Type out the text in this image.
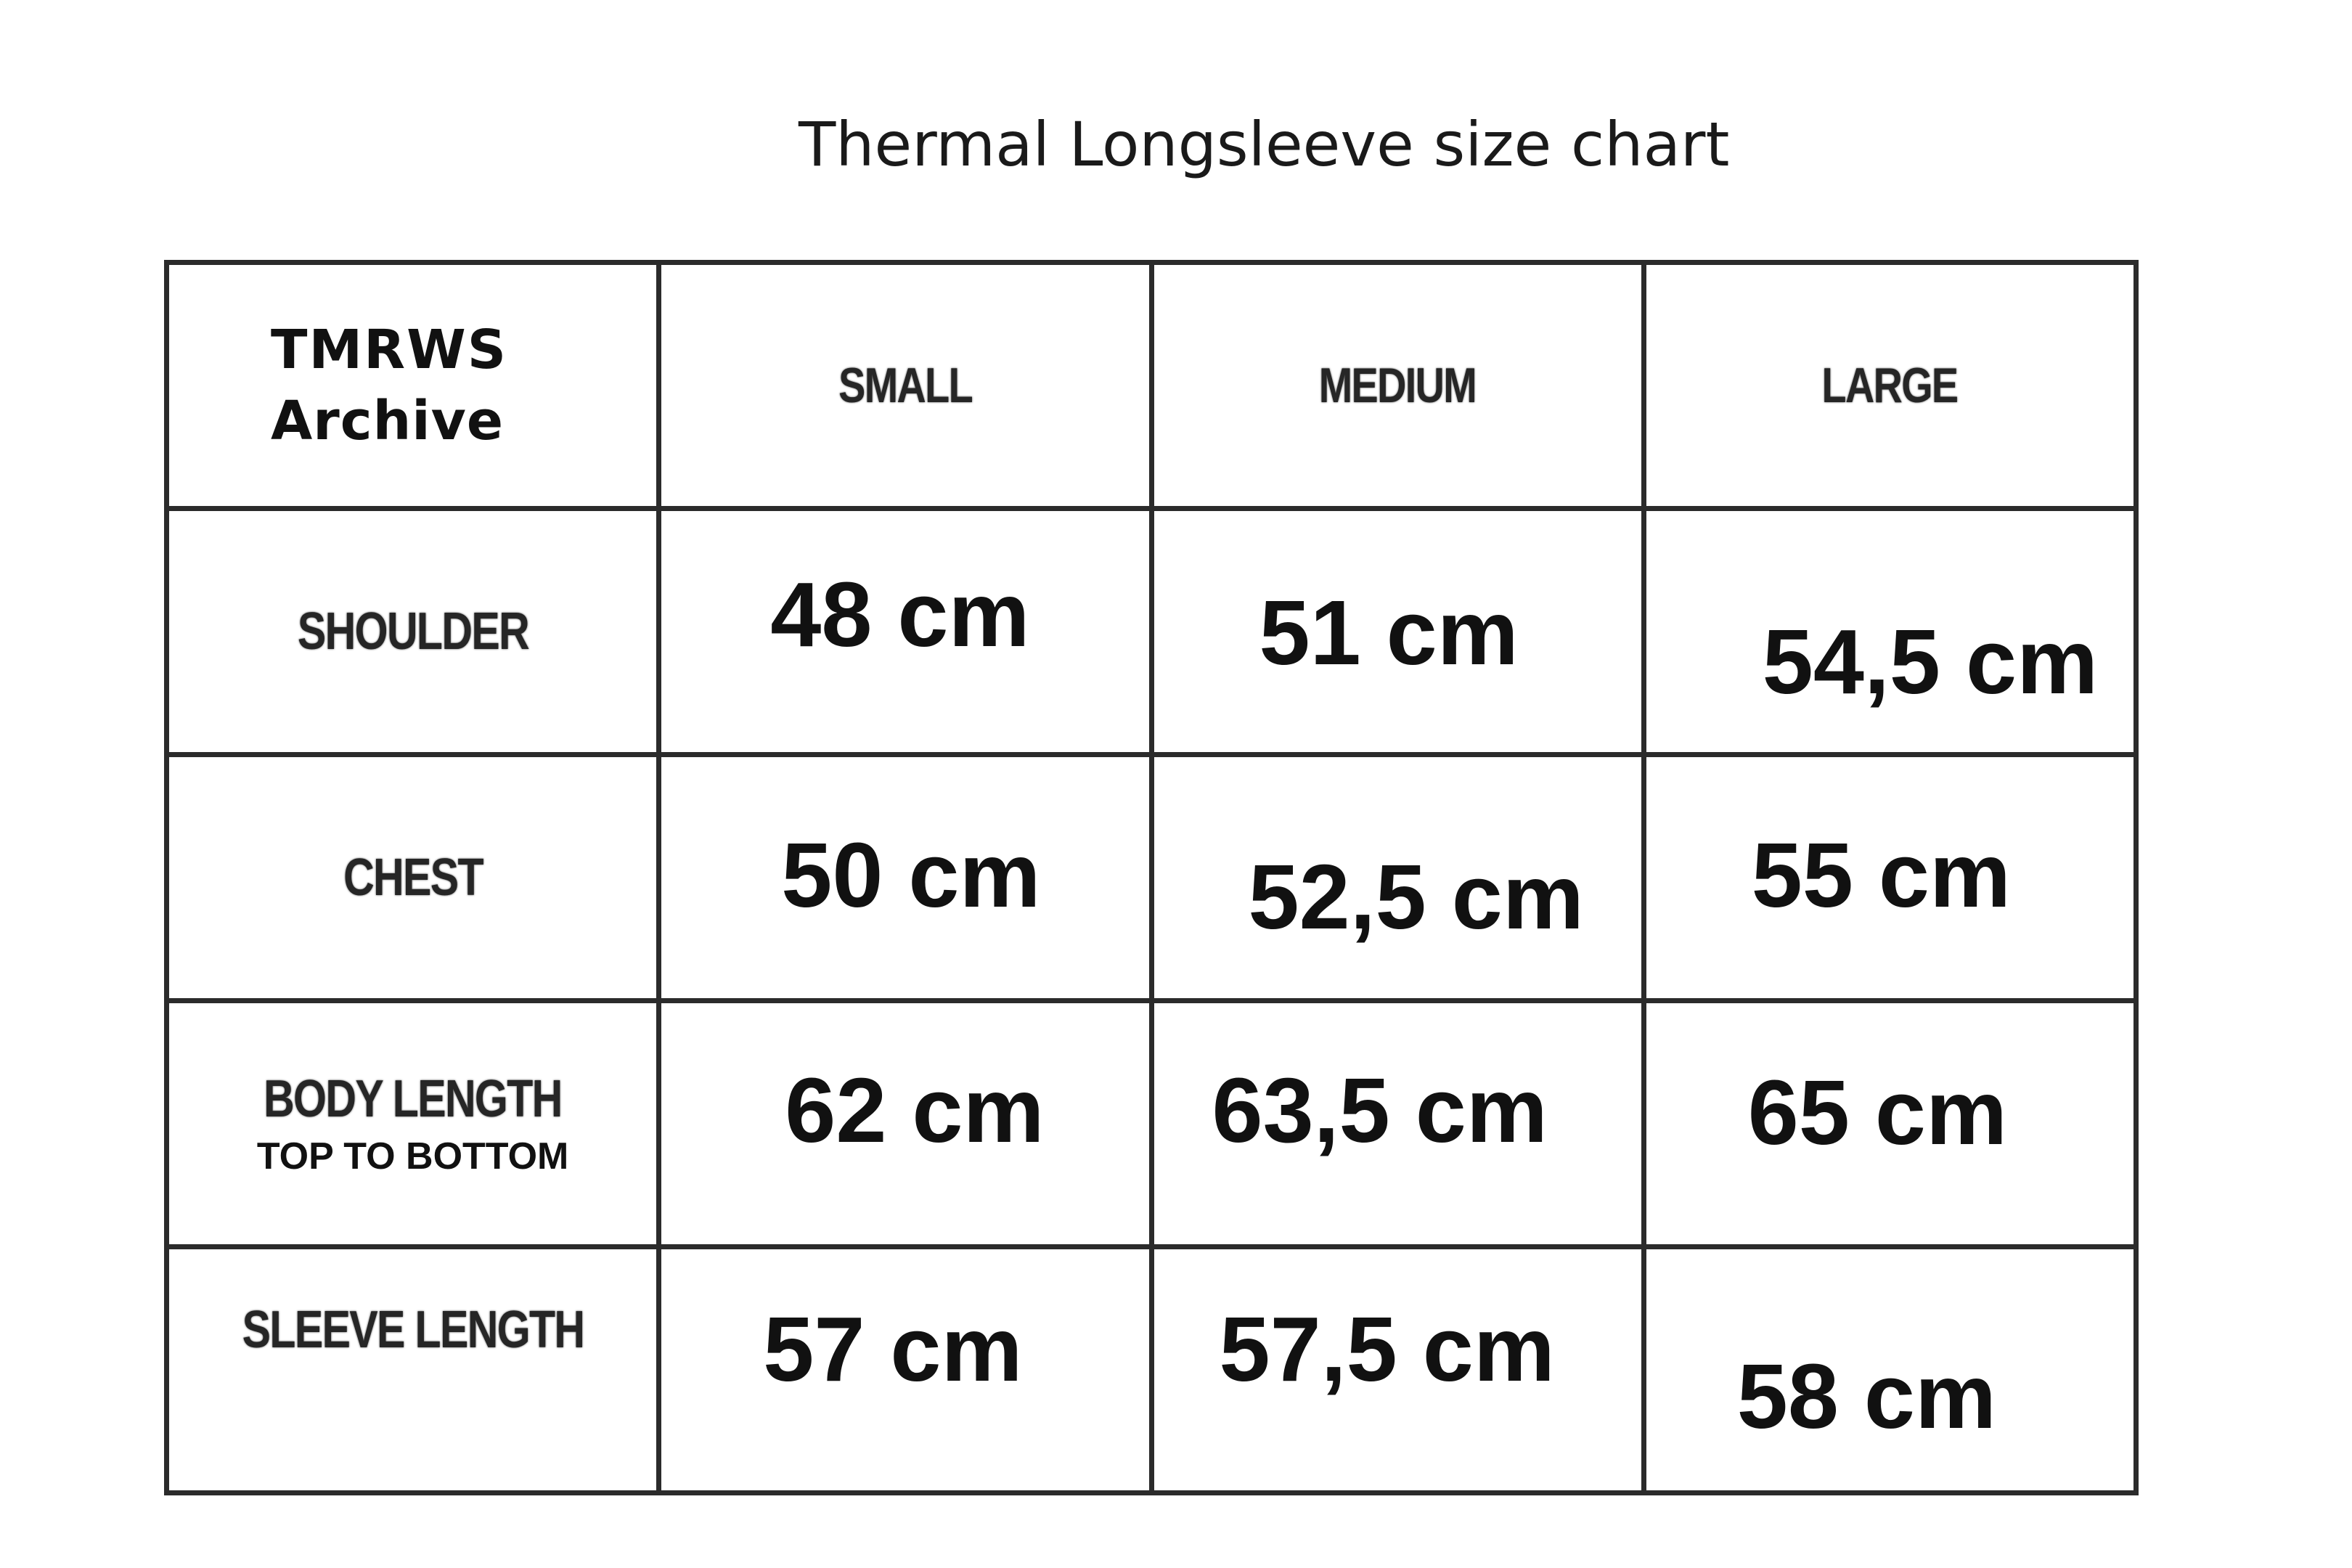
Thermal Longsleeve size chart
TMRWS
Archive	SMALL	MEDIUM	LARGE
SHOULDER	48 cm	51 cm	54,5 cm

CHEST	50 cm	52,5 cm	55 cm

BODY LENGTH
TOP TO BOTTOM	62 cm	63,5 cm	65 cm

SLEEVE LENGTH	57 cm	57,5 cm	58 cm
